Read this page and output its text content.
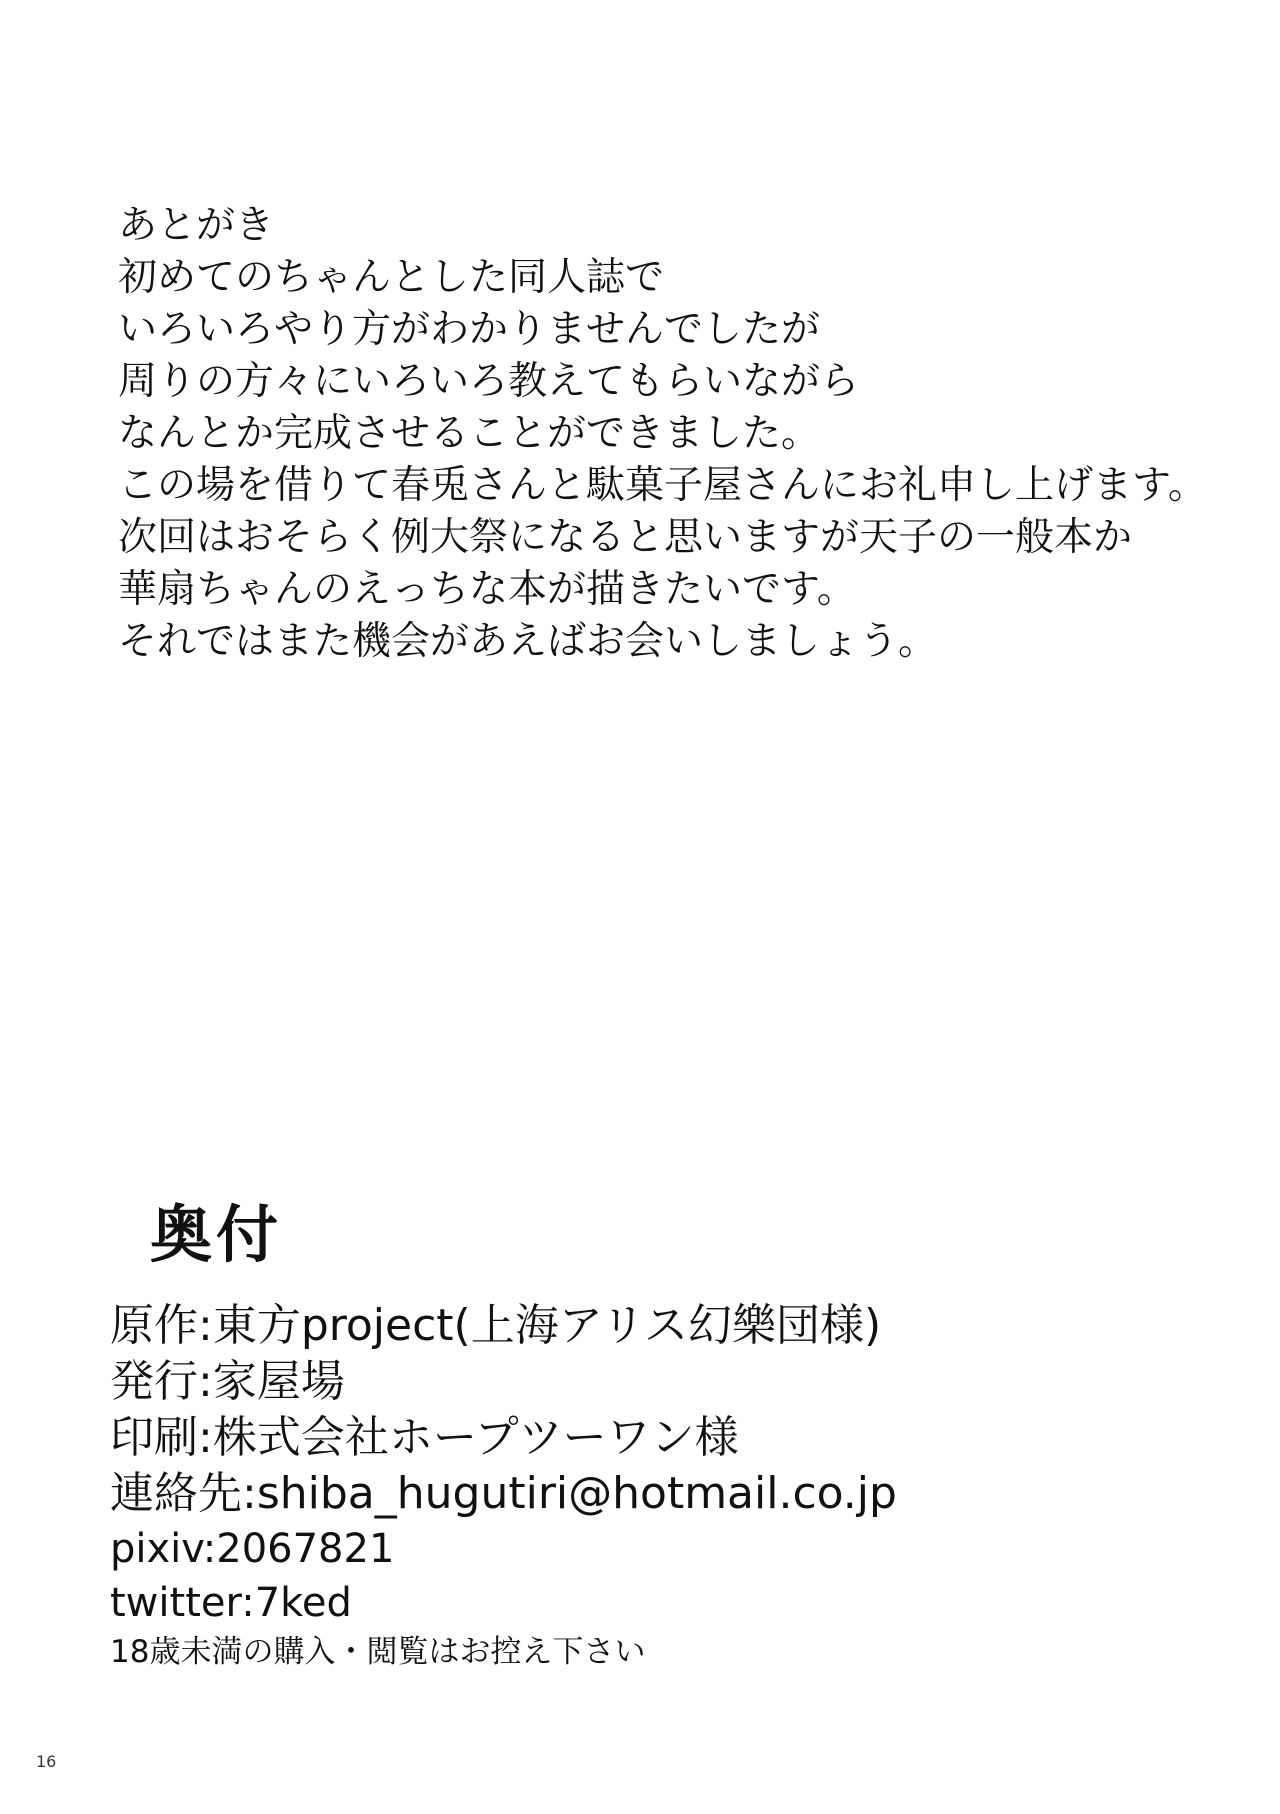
あとがき
初めてのちゃんとした同人誌で
いろいろやり方がわかりませんでしたが
周りの方々にいろいろ教えてもらいながら
なんとか完成させることができました。
この場を借りて春兎さんと駄菓子屋さんにお礼申し上げます。
次回はおそらく例大祭になると思いますが天子の一般本か
華扇ちゃんのえっちな本が描きたいです。
それではまた機会があえばお会いしましょう。
奥付
原作:東方project(上海アリス幻樂団様)
発行:家屋場
印刷:株式会社ホープツーワン様
連絡先:shiba_hugutiri@hotmail.co.jp
pixiv:2067821
twitter:7ked
18歳未満の購入・閲覧はお控え下さい
16
